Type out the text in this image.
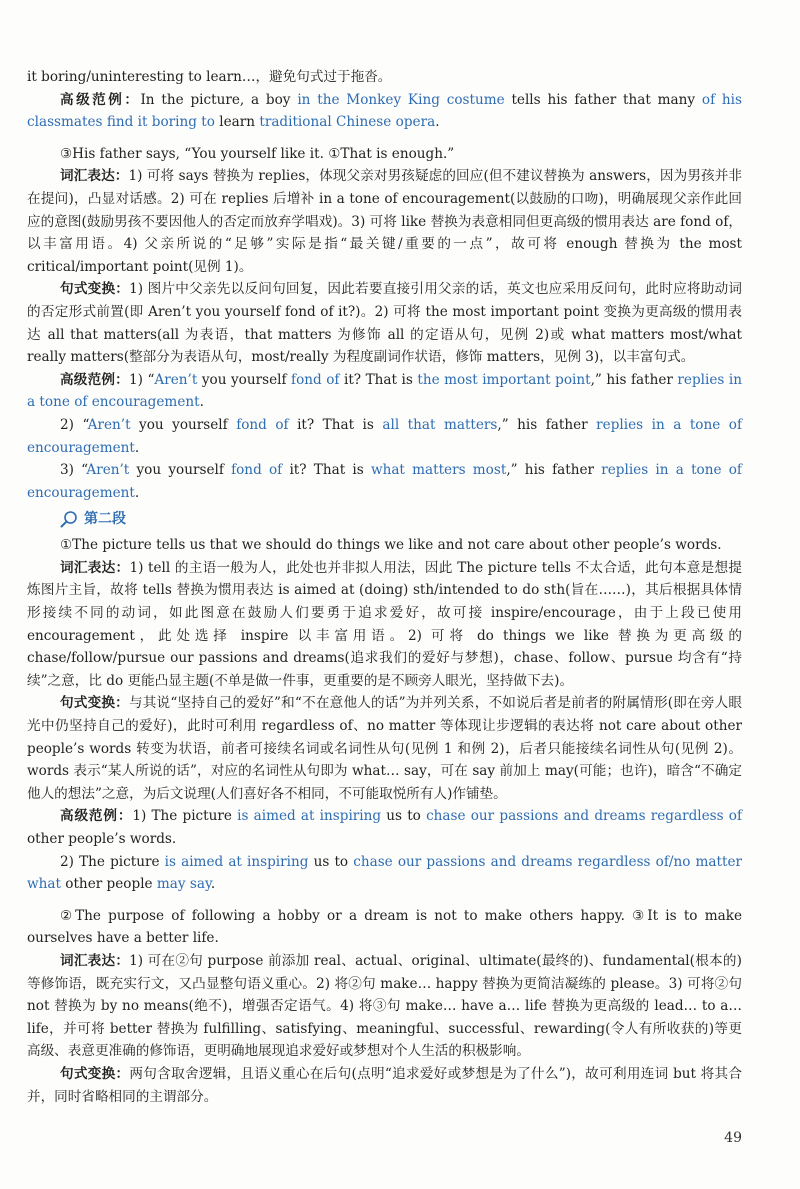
it boring/uninteresting to learn…，避免句式过于拖沓。

高级范例：In the picture, a boy in the Monkey King costume tells his father that many of his classmates find it boring to learn traditional Chinese opera.

③His father says, “You yourself like it. ①That is enough.”

词汇表达：1) 可将 says 替换为 replies，体现父亲对男孩疑虑的回应(但不建议替换为 answers，因为男孩并非在提问)，凸显对话感。2) 可在 replies 后增补 in a tone of encouragement(以鼓励的口吻)，明确展现父亲作此回应的意图(鼓励男孩不要因他人的否定而放弃学唱戏)。3) 可将 like 替换为表意相同但更高级的惯用表达 are fond of，以丰富用语。4) 父亲所说的“足够”实际是指“最关键/重要的一点”，故可将 enough 替换为 the most critical/important point(见例 1)。

句式变换：1) 图片中父亲先以反问句回复，因此若要直接引用父亲的话，英文也应采用反问句，此时应将助动词的否定形式前置(即 Aren’t you yourself fond of it?)。2) 可将 the most important point 变换为更高级的惯用表达 all that matters(all 为表语，that matters 为修饰 all 的定语从句，见例 2)或 what matters most/what really matters(整部分为表语从句，most/really 为程度副词作状语，修饰 matters，见例 3)，以丰富句式。

高级范例：1) “Aren’t you yourself fond of it? That is the most important point,” his father replies in a tone of encouragement.

2) “Aren’t you yourself fond of it? That is all that matters,” his father replies in a tone of encouragement.

3) “Aren’t you yourself fond of it? That is what matters most,” his father replies in a tone of encouragement.

第二段

①The picture tells us that we should do things we like and not care about other people’s words.

词汇表达：1) tell 的主语一般为人，此处也并非拟人用法，因此 The picture tells 不太合适，此句本意是想提炼图片主旨，故将 tells 替换为惯用表达 is aimed at (doing) sth/intended to do sth(旨在……)，其后根据具体情形接续不同的动词，如此图意在鼓励人们要勇于追求爱好，故可接 inspire/encourage，由于上段已使用 encouragement，此处选择 inspire 以丰富用语。2) 可将 do things we like 替换为更高级的 chase/follow/pursue our passions and dreams(追求我们的爱好与梦想)，chase、follow、pursue 均含有“持续”之意，比 do 更能凸显主题(不单是做一件事，更重要的是不顾旁人眼光，坚持做下去)。

句式变换：与其说“坚持自己的爱好”和“不在意他人的话”为并列关系，不如说后者是前者的附属情形(即在旁人眼光中仍坚持自己的爱好)，此时可利用 regardless of、no matter 等体现让步逻辑的表达将 not care about other people’s words 转变为状语，前者可接续名词或名词性从句(见例 1 和例 2)，后者只能接续名词性从句(见例 2)。words 表示“某人所说的话”，对应的名词性从句即为 what… say，可在 say 前加上 may(可能；也许)，暗含“不确定他人的想法”之意，为后文说理(人们喜好各不相同，不可能取悦所有人)作铺垫。

高级范例：1) The picture is aimed at inspiring us to chase our passions and dreams regardless of other people’s words.

2) The picture is aimed at inspiring us to chase our passions and dreams regardless of/no matter what other people may say.

②The purpose of following a hobby or a dream is not to make others happy. ③It is to make ourselves have a better life.

词汇表达：1) 可在②句 purpose 前添加 real、actual、original、ultimate(最终的)、fundamental(根本的)等修饰语，既充实行文，又凸显整句语义重心。2) 将②句 make… happy 替换为更简洁凝练的 please。3) 可将②句 not 替换为 by no means(绝不)，增强否定语气。4) 将③句 make… have a… life 替换为更高级的 lead… to a… life，并可将 better 替换为 fulfilling、satisfying、meaningful、successful、rewarding(令人有所收获的)等更高级、表意更准确的修饰语，更明确地展现追求爱好或梦想对个人生活的积极影响。

句式变换：两句含取舍逻辑，且语义重心在后句(点明“追求爱好或梦想是为了什么”)，故可利用连词 but 将其合并，同时省略相同的主谓部分。

49
